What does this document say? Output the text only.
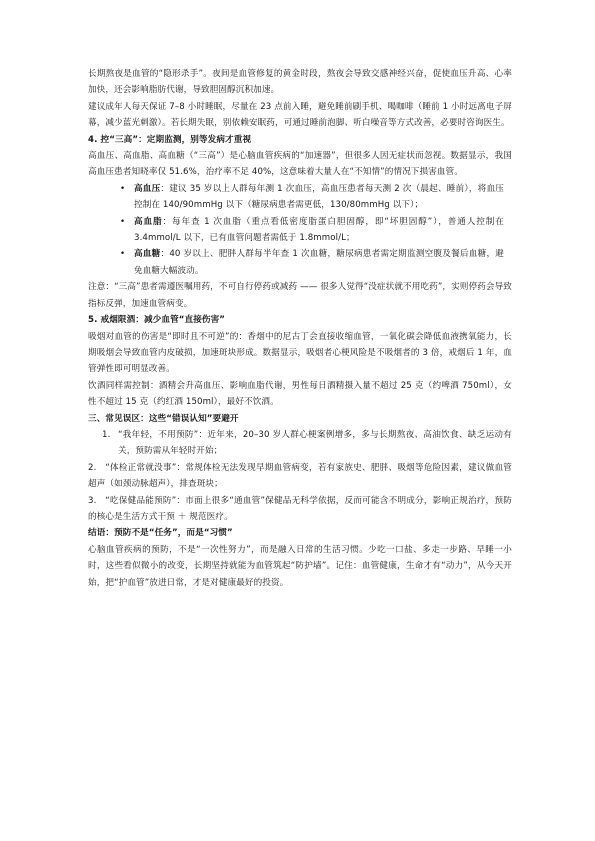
长期熬夜是血管的“隐形杀手”。夜间是血管修复的黄金时段，熬夜会导致交感神经兴奋，促使血压升高、心率加快，还会影响脂肪代谢，导致胆固醇沉积加速。

建议成年人每天保证 7–8 小时睡眠，尽量在 23 点前入睡，避免睡前刷手机、喝咖啡（睡前 1 小时远离电子屏幕，减少蓝光刺激）。若长期失眠，别依赖安眠药，可通过睡前泡脚、听白噪音等方式改善，必要时咨询医生。

4. 控“三高”：定期监测，别等发病才重视

高血压、高血脂、高血糖（“三高”）是心脑血管疾病的“加速器”，但很多人因无症状而忽视。数据显示，我国高血压患者知晓率仅 51.6%，治疗率不足 40%，这意味着大量人在“不知情”的情况下损害血管。

• 高血压：建议 35 岁以上人群每年测 1 次血压，高血压患者每天测 2 次（晨起、睡前），将血压控制在 140/90mmHg 以下（糖尿病患者需更低，130/80mmHg 以下）；
• 高血脂：每年查 1 次血脂（重点看低密度脂蛋白胆固醇，即“坏胆固醇”），普通人控制在 3.4mmol/L 以下，已有血管问题者需低于 1.8mmol/L；
• 高血糖：40 岁以上、肥胖人群每半年查 1 次血糖，糖尿病患者需定期监测空腹及餐后血糖，避免血糖大幅波动。

注意：“三高”患者需遵医嘱用药，不可自行停药或减药 —— 很多人觉得“没症状就不用吃药”，实则停药会导致指标反弹，加速血管病变。

5. 戒烟限酒：减少血管“直接伤害”

吸烟对血管的伤害是“即时且不可逆”的：香烟中的尼古丁会直接收缩血管，一氧化碳会降低血液携氧能力，长期吸烟会导致血管内皮破损，加速斑块形成。数据显示，吸烟者心梗风险是不吸烟者的 3 倍，戒烟后 1 年，血管弹性即可明显改善。

饮酒同样需控制：酒精会升高血压、影响血脂代谢，男性每日酒精摄入量不超过 25 克（约啤酒 750ml），女性不超过 15 克（约红酒 150ml），最好不饮酒。

三、常见误区：这些“错误认知”要避开

1. “我年轻，不用预防”：近年来，20–30 岁人群心梗案例增多，多与长期熬夜、高油饮食、缺乏运动有关，预防需从年轻时开始；

2. “体检正常就没事”：常规体检无法发现早期血管病变，若有家族史、肥胖、吸烟等危险因素，建议做血管超声（如颈动脉超声），排查斑块；

3. “吃保健品能预防”：市面上很多“通血管”保健品无科学依据，反而可能含不明成分，影响正规治疗，预防的核心是生活方式干预 ＋ 规范医疗。

结语：预防不是“任务”，而是“习惯”

心脑血管疾病的预防，不是“一次性努力”，而是融入日常的生活习惯。少吃一口盐、多走一步路、早睡一小时，这些看似微小的改变，长期坚持就能为血管筑起“防护墙”。记住：血管健康，生命才有“动力”，从今天开始，把“护血管”放进日常，才是对健康最好的投资。
